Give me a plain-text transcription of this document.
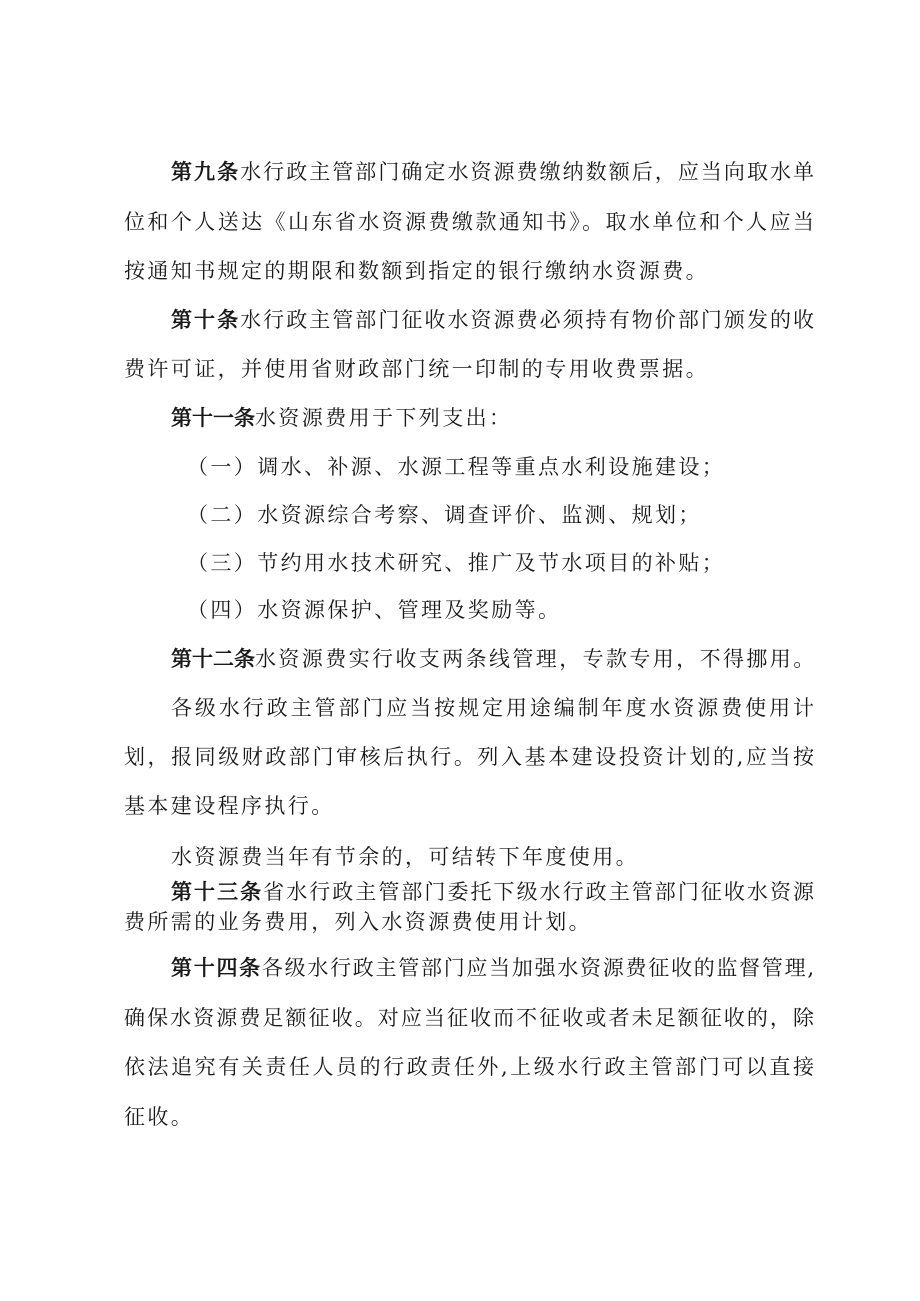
第九条水行政主管部门确定水资源费缴纳数额后，应当向取水单
位和个人送达《山东省水资源费缴款通知书》。取水单位和个人应当
按通知书规定的期限和数额到指定的银行缴纳水资源费。
第十条水行政主管部门征收水资源费必须持有物价部门颁发的收
费许可证，并使用省财政部门统一印制的专用收费票据。
第十一条水资源费用于下列支出：
（一）调水、补源、水源工程等重点水利设施建设；
（二）水资源综合考察、调查评价、监测、规划；
（三）节约用水技术研究、推广及节水项目的补贴；
（四）水资源保护、管理及奖励等。
第十二条水资源费实行收支两条线管理，专款专用，不得挪用。
各级水行政主管部门应当按规定用途编制年度水资源费使用计
划，报同级财政部门审核后执行。列入基本建设投资计划的,应当按
基本建设程序执行。
水资源费当年有节余的，可结转下年度使用。
第十三条省水行政主管部门委托下级水行政主管部门征收水资源
费所需的业务费用，列入水资源费使用计划。
第十四条各级水行政主管部门应当加强水资源费征收的监督管理,
确保水资源费足额征收。对应当征收而不征收或者未足额征收的，除
依法追究有关责任人员的行政责任外,上级水行政主管部门可以直接
征收。
